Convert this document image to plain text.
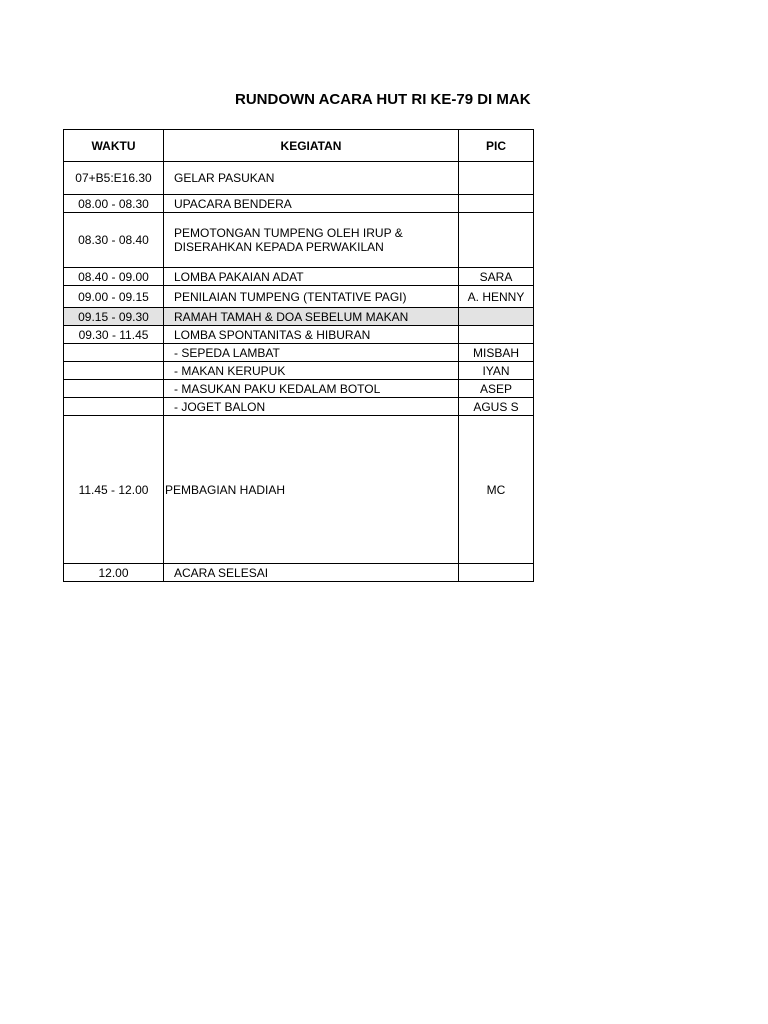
RUNDOWN ACARA HUT RI KE-79 DI MAK
WAKTU	KEGIATAN	PIC
07+B5:E16.30	GELAR PASUKAN	
08.00 - 08.30	UPACARA BENDERA	
08.30 - 08.40	PEMOTONGAN TUMPENG OLEH IRUP & DISERAHKAN KEPADA PERWAKILAN	
08.40 - 09.00	LOMBA PAKAIAN ADAT	SARA
09.00 - 09.15	PENILAIAN TUMPENG (TENTATIVE PAGI)	A. HENNY
09.15 - 09.30	RAMAH TAMAH & DOA SEBELUM MAKAN	
09.30 - 11.45	LOMBA SPONTANITAS & HIBURAN	
	- SEPEDA LAMBAT	MISBAH
	- MAKAN KERUPUK	IYAN
	- MASUKAN PAKU KEDALAM BOTOL	ASEP
	- JOGET BALON	AGUS S
11.45 - 12.00	PEMBAGIAN HADIAH	MC
12.00	ACARA SELESAI	
